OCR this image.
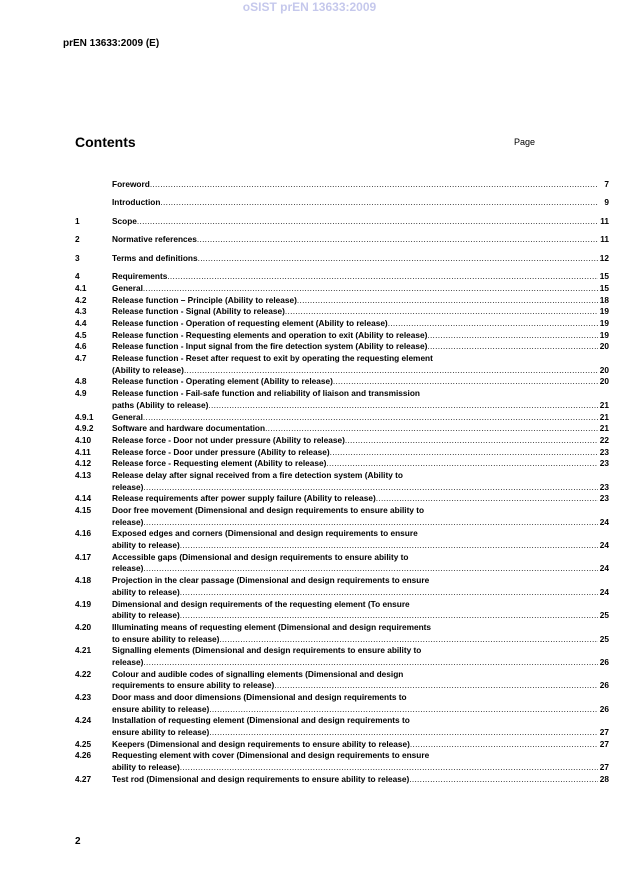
oSIST prEN 13633:2009
prEN 13633:2009 (E)
Contents	Page
Foreword .....	7
Introduction .....	9
1	Scope .....	11
2	Normative references .....	11
3	Terms and definitions .....	12
4	Requirements .....	15
4.1	General .....	15
4.2	Release function – Principle (Ability to release) .....	18
4.3	Release function - Signal (Ability to release) .....	19
4.4	Release function - Operation of requesting element (Ability to release) .....	19
4.5	Release function - Requesting elements and operation to exit (Ability to release) .....	19
4.6	Release function - Input signal from the fire detection system (Ability to release) .....	20
4.7	Release function - Reset after request to exit by operating the requesting element
(Ability to release) .....	20
4.8	Release function - Operating element (Ability to release) .....	20
4.9	Release function - Fail-safe function and reliability of liaison and transmission
paths (Ability to release) .....	21
4.9.1	General .....	21
4.9.2	Software and hardware documentation .....	21
4.10	Release force - Door not under pressure (Ability to release) .....	22
4.11	Release force - Door under pressure (Ability to release) .....	23
4.12	Release force - Requesting element (Ability to release) .....	23
4.13	Release delay after signal received from a fire detection system (Ability to
release) .....	23
4.14	Release requirements after power supply failure (Ability to release) .....	23
4.15	Door free movement (Dimensional and design requirements to ensure ability to
release) .....	24
4.16	Exposed edges and corners (Dimensional and design requirements to ensure
ability to release) .....	24
4.17	Accessible gaps (Dimensional and design requirements to ensure ability to
release) .....	24
4.18	Projection in the clear passage (Dimensional and design requirements to ensure
ability to release) .....	24
4.19	Dimensional and design requirements of the requesting element (To ensure
ability to release) .....	25
4.20	Illuminating means of requesting element (Dimensional and design requirements
to ensure ability to release) .....	25
4.21	Signalling elements (Dimensional and design requirements to ensure ability to
release) .....	26
4.22	Colour and audible codes of signalling elements (Dimensional and design
requirements to ensure ability to release) .....	26
4.23	Door mass and door dimensions (Dimensional and design requirements to
ensure ability to release) .....	26
4.24	Installation of requesting element (Dimensional and design requirements to
ensure ability to release) .....	27
4.25	Keepers (Dimensional and design requirements to ensure ability to release) .....	27
4.26	Requesting element with cover (Dimensional and design requirements to ensure
ability to release) .....	27
4.27	Test rod (Dimensional and design requirements to ensure ability to release) .....	28
2
